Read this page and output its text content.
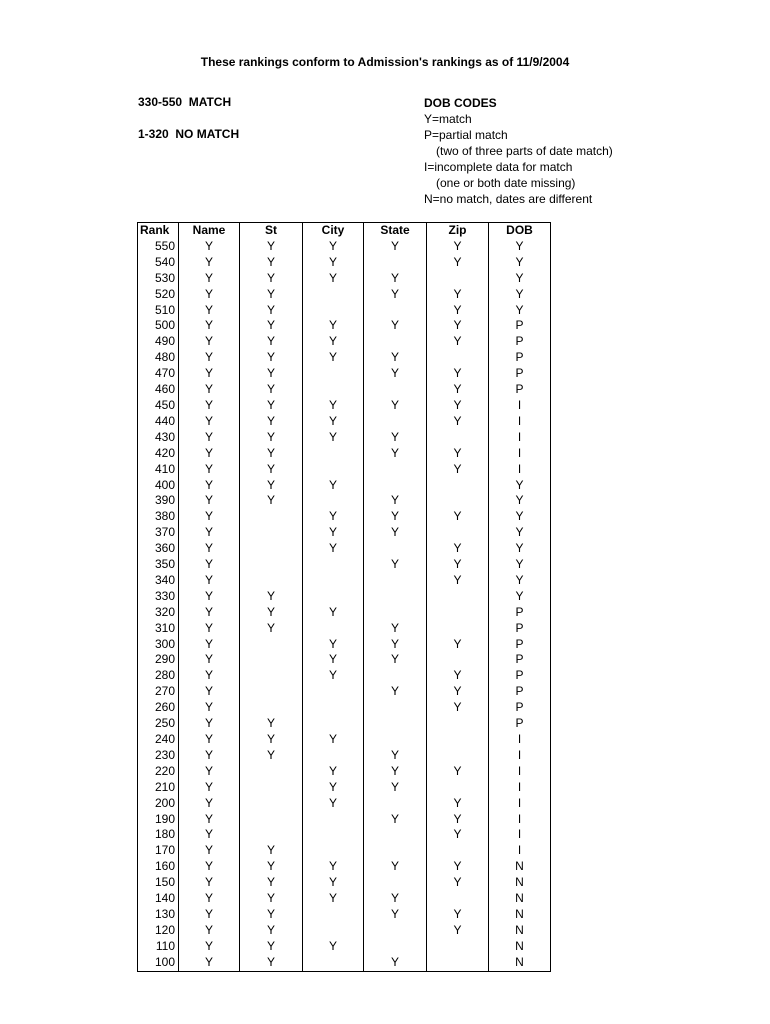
These rankings conform to Admission's rankings as of 11/9/2004
330-550  MATCH
1-320  NO MATCH
DOB CODES
Y=match
P=partial match
(two of three parts of date match)
I=incomplete data for match
(one or both date missing)
N=no match, dates are different
Rank	Name	St	City	State	Zip	DOB
550	Y	Y	Y	Y	Y	Y
540	Y	Y	Y		Y	Y
530	Y	Y	Y	Y		Y
520	Y	Y		Y	Y	Y
510	Y	Y			Y	Y
500	Y	Y	Y	Y	Y	P
490	Y	Y	Y		Y	P
480	Y	Y	Y	Y		P
470	Y	Y		Y	Y	P
460	Y	Y			Y	P
450	Y	Y	Y	Y	Y	I
440	Y	Y	Y		Y	I
430	Y	Y	Y	Y		I
420	Y	Y		Y	Y	I
410	Y	Y			Y	I
400	Y	Y	Y			Y
390	Y	Y		Y		Y
380	Y		Y	Y	Y	Y
370	Y		Y	Y		Y
360	Y		Y		Y	Y
350	Y			Y	Y	Y
340	Y				Y	Y
330	Y	Y				Y
320	Y	Y	Y			P
310	Y	Y		Y		P
300	Y		Y	Y	Y	P
290	Y		Y	Y		P
280	Y		Y		Y	P
270	Y			Y	Y	P
260	Y				Y	P
250	Y	Y				P
240	Y	Y	Y			I
230	Y	Y		Y		I
220	Y		Y	Y	Y	I
210	Y		Y	Y		I
200	Y		Y		Y	I
190	Y			Y	Y	I
180	Y				Y	I
170	Y	Y				I
160	Y	Y	Y	Y	Y	N
150	Y	Y	Y		Y	N
140	Y	Y	Y	Y		N
130	Y	Y		Y	Y	N
120	Y	Y			Y	N
110	Y	Y	Y			N
100	Y	Y		Y		N
